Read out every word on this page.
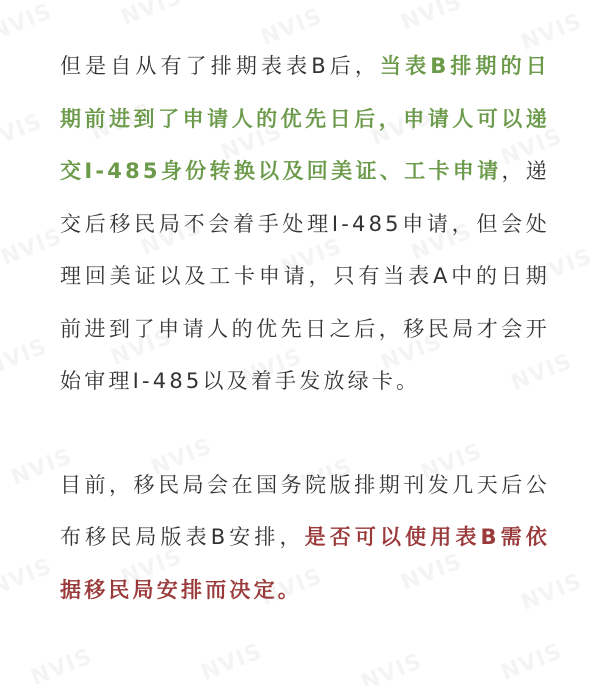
但是自从有了排期表表B后，当表B排期的日期前进到了申请人的优先日后，申请人可以递交I-485身份转换以及回美证、工卡申请，递交后移民局不会着手处理I-485申请，但会处理回美证以及工卡申请，只有当表A中的日期前进到了申请人的优先日之后，移民局才会开始审理I-485以及着手发放绿卡。

目前，移民局会在国务院版排期刊发几天后公布移民局版表B安排，是否可以使用表B需依据移民局安排而决定。
